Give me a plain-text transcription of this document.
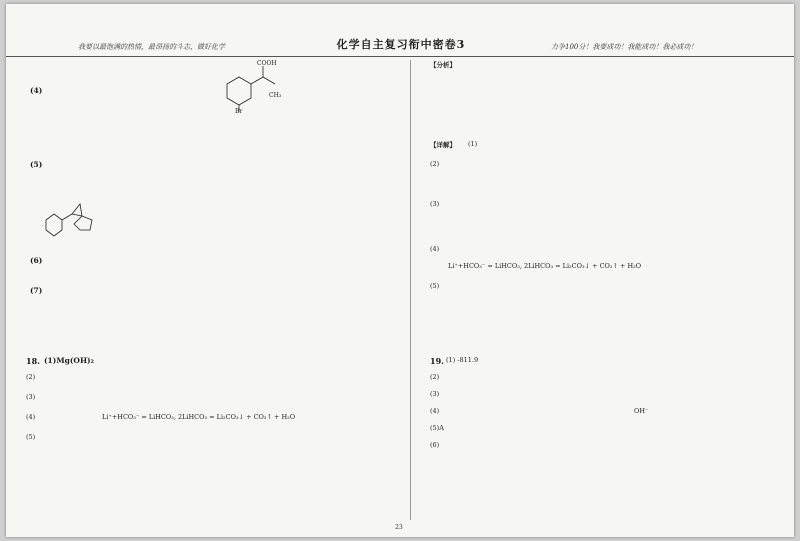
我要以最饱满的热情，最昂扬的斗志，做好化学	化学自主复习衔中密卷3	力争100分！我要成功！我能成功！我必成功！
(4)
COOH
Br
CH₃
(5)
(6)
(7)
18. (1)Mg(OH)₂
(2)
(3)
(4)	Li⁺+HCO₃⁻ = LiHCO₃, 2LiHCO₃ = Li₂CO₃↓ + CO₂↑ + H₂O
(5)
【分析】
【详解】 (1)
(2)
(3)
(4)
Li⁺+HCO₃⁻ = LiHCO₃, 2LiHCO₃ = Li₂CO₃↓ + CO₂↑ + H₂O
(5)
19. (1) -811.9
(2)
(3)
(4)	OH⁻
(5)A
(6)
23
